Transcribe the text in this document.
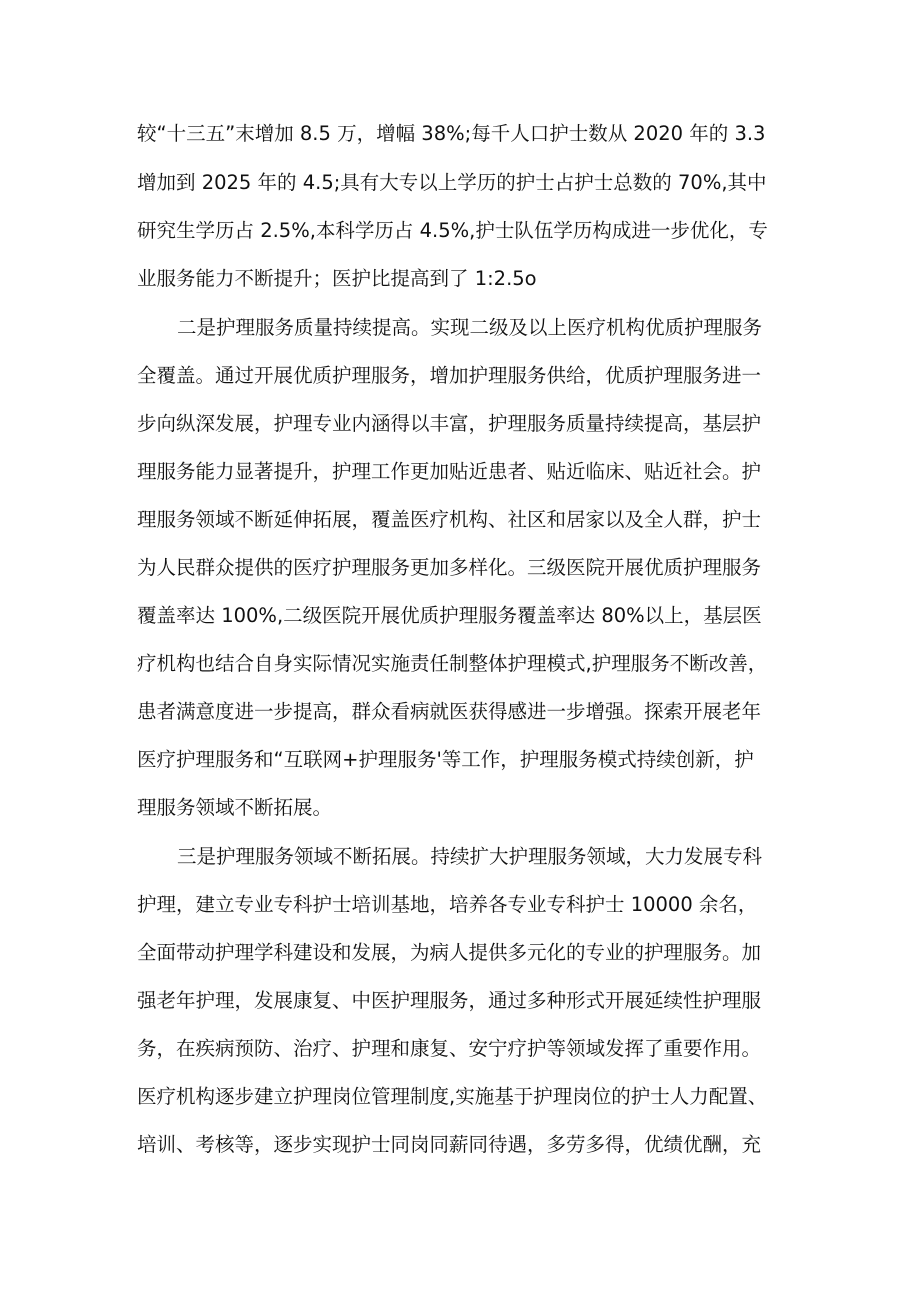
较“十三五”末增加 8.5 万，增幅 38%;每千人口护士数从 2020 年的 3.3
增加到 2025 年的 4.5;具有大专以上学历的护士占护士总数的 70%,其中
研究生学历占 2.5%,本科学历占 4.5%,护士队伍学历构成进一步优化，专
业服务能力不断提升；医护比提高到了 1:2.5o
二是护理服务质量持续提高。实现二级及以上医疗机构优质护理服务
全覆盖。通过开展优质护理服务，增加护理服务供给，优质护理服务进一
步向纵深发展，护理专业内涵得以丰富，护理服务质量持续提高，基层护
理服务能力显著提升，护理工作更加贴近患者、贴近临床、贴近社会。护
理服务领域不断延伸拓展，覆盖医疗机构、社区和居家以及全人群，护士
为人民群众提供的医疗护理服务更加多样化。三级医院开展优质护理服务
覆盖率达 100%,二级医院开展优质护理服务覆盖率达 80%以上，基层医
疗机构也结合自身实际情况实施责任制整体护理模式,护理服务不断改善，
患者满意度进一步提高，群众看病就医获得感进一步增强。探索开展老年
医疗护理服务和“互联网+护理服务'等工作，护理服务模式持续创新，护
理服务领域不断拓展。
三是护理服务领域不断拓展。持续扩大护理服务领域，大力发展专科
护理，建立专业专科护士培训基地，培养各专业专科护士 10000 余名，
全面带动护理学科建设和发展，为病人提供多元化的专业的护理服务。加
强老年护理，发展康复、中医护理服务，通过多种形式开展延续性护理服
务，在疾病预防、治疗、护理和康复、安宁疗护等领域发挥了重要作用。
医疗机构逐步建立护理岗位管理制度,实施基于护理岗位的护士人力配置、
培训、考核等，逐步实现护士同岗同薪同待遇，多劳多得，优绩优酬，充
